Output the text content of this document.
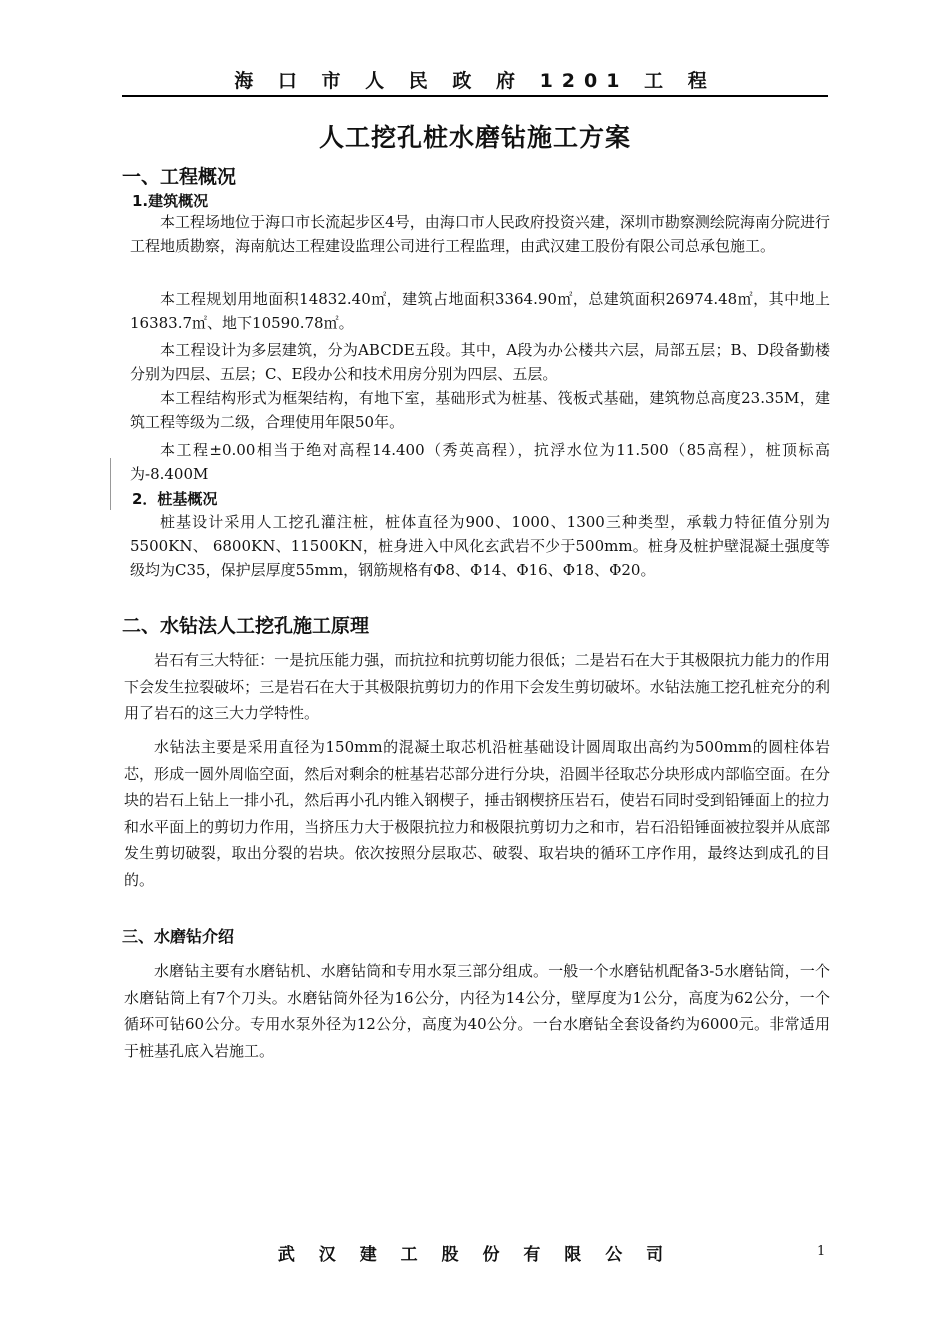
海 口 市 人 民 政 府 1201 工 程
人工挖孔桩水磨钻施工方案
一、工程概况
1.建筑概况
本工程场地位于海口市长流起步区4号，由海口市人民政府投资兴建，深圳市勘察测绘院海南分院进行工程地质勘察，海南航达工程建设监理公司进行工程监理，由武汉建工股份有限公司总承包施工。
本工程规划用地面积14832.40㎡，建筑占地面积3364.90㎡，总建筑面积26974.48㎡，其中地上16383.7㎡、地下10590.78㎡。
本工程设计为多层建筑，分为ABCDE五段。其中，A段为办公楼共六层，局部五层；B、D段备勤楼分别为四层、五层；C、E段办公和技术用房分别为四层、五层。
本工程结构形式为框架结构，有地下室，基础形式为桩基、筏板式基础，建筑物总高度23.35M，建筑工程等级为二级，合理使用年限50年。
本工程±0.00相当于绝对高程14.400（秀英高程），抗浮水位为11.500（85高程），桩顶标高为-8.400M
2．桩基概况
桩基设计采用人工挖孔灌注桩，桩体直径为900、1000、1300三种类型，承载力特征值分别为5500KN、 6800KN、11500KN，桩身进入中风化玄武岩不少于500mm。桩身及桩护壁混凝土强度等级均为C35，保护层厚度55mm，钢筋规格有Φ8、Φ14、Φ16、Φ18、Φ20。
二、水钻法人工挖孔施工原理
岩石有三大特征：一是抗压能力强，而抗拉和抗剪切能力很低；二是岩石在大于其极限抗力能力的作用下会发生拉裂破坏；三是岩石在大于其极限抗剪切力的作用下会发生剪切破坏。水钻法施工挖孔桩充分的利用了岩石的这三大力学特性。
水钻法主要是采用直径为150mm的混凝土取芯机沿桩基础设计圆周取出高约为500mm的圆柱体岩芯，形成一圆外周临空面，然后对剩余的桩基岩芯部分进行分块，沿圆半径取芯分块形成内部临空面。在分块的岩石上钻上一排小孔，然后再小孔内锥入钢楔子，捶击钢楔挤压岩石，使岩石同时受到铅锤面上的拉力和水平面上的剪切力作用，当挤压力大于极限抗拉力和极限抗剪切力之和市，岩石沿铅锤面被拉裂并从底部发生剪切破裂，取出分裂的岩块。依次按照分层取芯、破裂、取岩块的循环工序作用，最终达到成孔的目的。
三、水磨钻介绍
水磨钻主要有水磨钻机、水磨钻筒和专用水泵三部分组成。一般一个水磨钻机配备3-5水磨钻筒，一个水磨钻筒上有7个刀头。水磨钻筒外径为16公分，内径为14公分，壁厚度为1公分，高度为62公分，一个循环可钻60公分。专用水泵外径为12公分，高度为40公分。一台水磨钻全套设备约为6000元。非常适用于桩基孔底入岩施工。
武 汉 建 工 股 份 有 限 公 司	1
